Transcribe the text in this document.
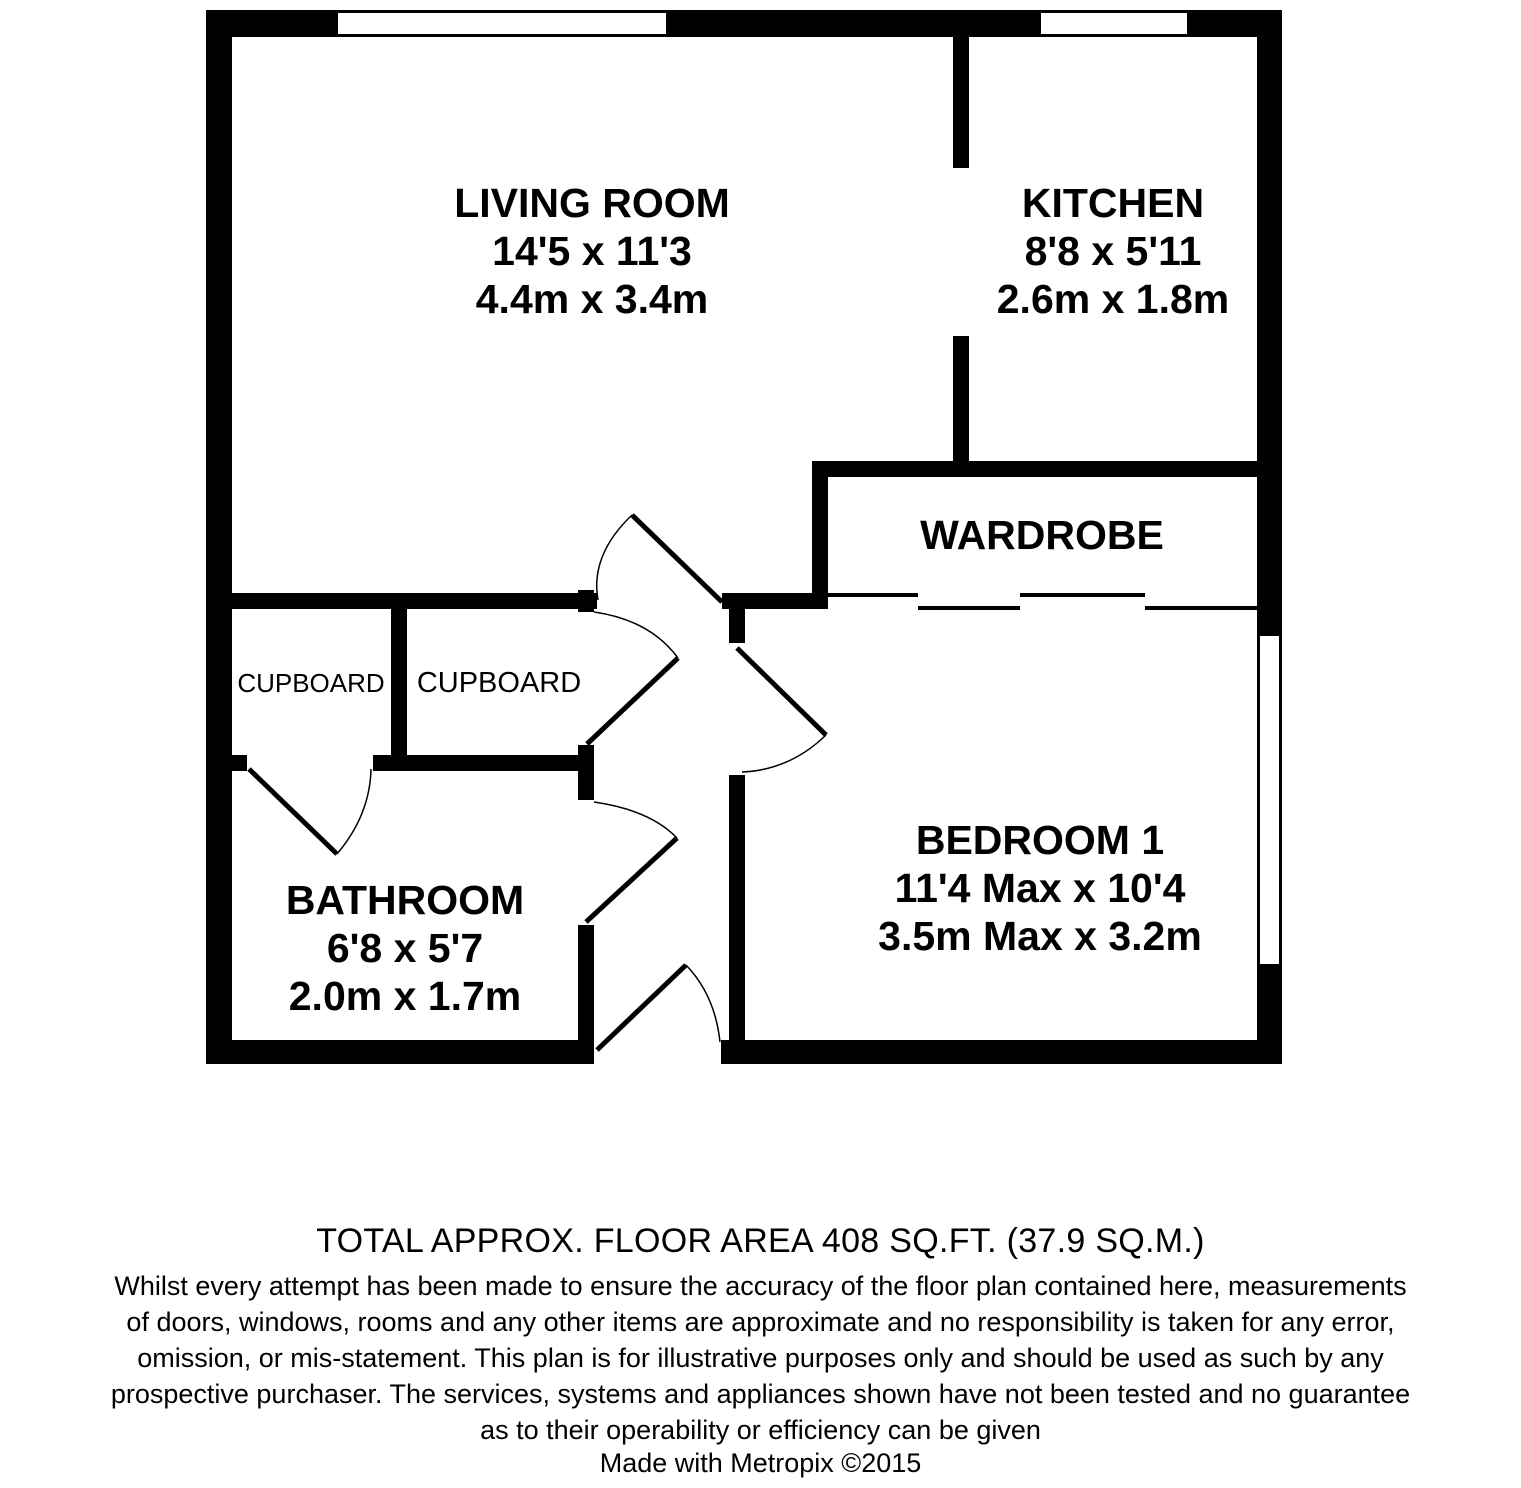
LIVING ROOM
14'5 x 11'3
4.4m x 3.4m
KITCHEN
8'8 x 5'11
2.6m x 1.8m
WARDROBE
CUPBOARD CUPBOARD
BATHROOM
6'8 x 5'7
2.0m x 1.7m
BEDROOM 1
11'4 Max x 10'4
3.5m Max x 3.2m
TOTAL APPROX. FLOOR AREA 408 SQ.FT. (37.9 SQ.M.)
Whilst every attempt has been made to ensure the accuracy of the floor plan contained here, measurements
of doors, windows, rooms and any other items are approximate and no responsibility is taken for any error,
omission, or mis-statement. This plan is for illustrative purposes only and should be used as such by any
prospective purchaser. The services, systems and appliances shown have not been tested and no guarantee
as to their operability or efficiency can be given
Made with Metropix ©2015
